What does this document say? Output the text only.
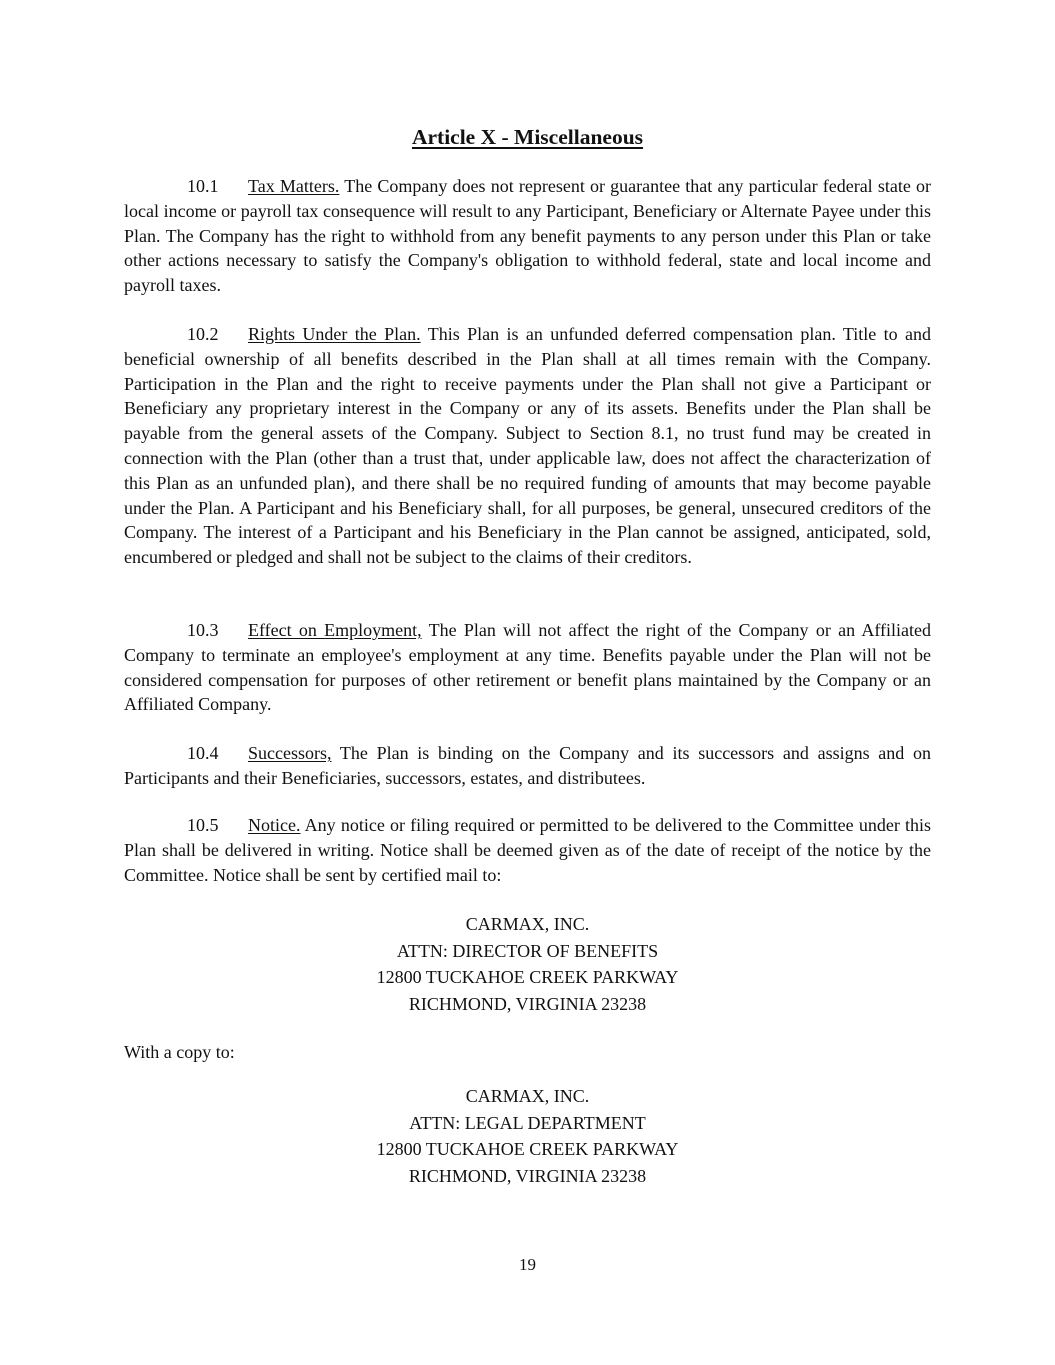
Article X - Miscellaneous

10.1 Tax Matters. The Company does not represent or guarantee that any particular federal state or local income or payroll tax consequence will result to any Participant, Beneficiary or Alternate Payee under this Plan. The Company has the right to withhold from any benefit payments to any person under this Plan or take other actions necessary to satisfy the Company's obligation to withhold federal, state and local income and payroll taxes.

10.2 Rights Under the Plan. This Plan is an unfunded deferred compensation plan. Title to and beneficial ownership of all benefits described in the Plan shall at all times remain with the Company. Participation in the Plan and the right to receive payments under the Plan shall not give a Participant or Beneficiary any proprietary interest in the Company or any of its assets. Benefits under the Plan shall be payable from the general assets of the Company. Subject to Section 8.1, no trust fund may be created in connection with the Plan (other than a trust that, under applicable law, does not affect the characterization of this Plan as an unfunded plan), and there shall be no required funding of amounts that may become payable under the Plan. A Participant and his Beneficiary shall, for all purposes, be general, unsecured creditors of the Company. The interest of a Participant and his Beneficiary in the Plan cannot be assigned, anticipated, sold, encumbered or pledged and shall not be subject to the claims of their creditors.

10.3 Effect on Employment, The Plan will not affect the right of the Company or an Affiliated Company to terminate an employee's employment at any time. Benefits payable under the Plan will not be considered compensation for purposes of other retirement or benefit plans maintained by the Company or an Affiliated Company.

10.4 Successors, The Plan is binding on the Company and its successors and assigns and on Participants and their Beneficiaries, successors, estates, and distributees.

10.5 Notice. Any notice or filing required or permitted to be delivered to the Committee under this Plan shall be delivered in writing. Notice shall be deemed given as of the date of receipt of the notice by the Committee. Notice shall be sent by certified mail to:

CARMAX, INC.
ATTN: DIRECTOR OF BENEFITS
12800 TUCKAHOE CREEK PARKWAY
RICHMOND, VIRGINIA 23238
With a copy to:
CARMAX, INC.
ATTN: LEGAL DEPARTMENT
12800 TUCKAHOE CREEK PARKWAY
RICHMOND, VIRGINIA 23238
19
